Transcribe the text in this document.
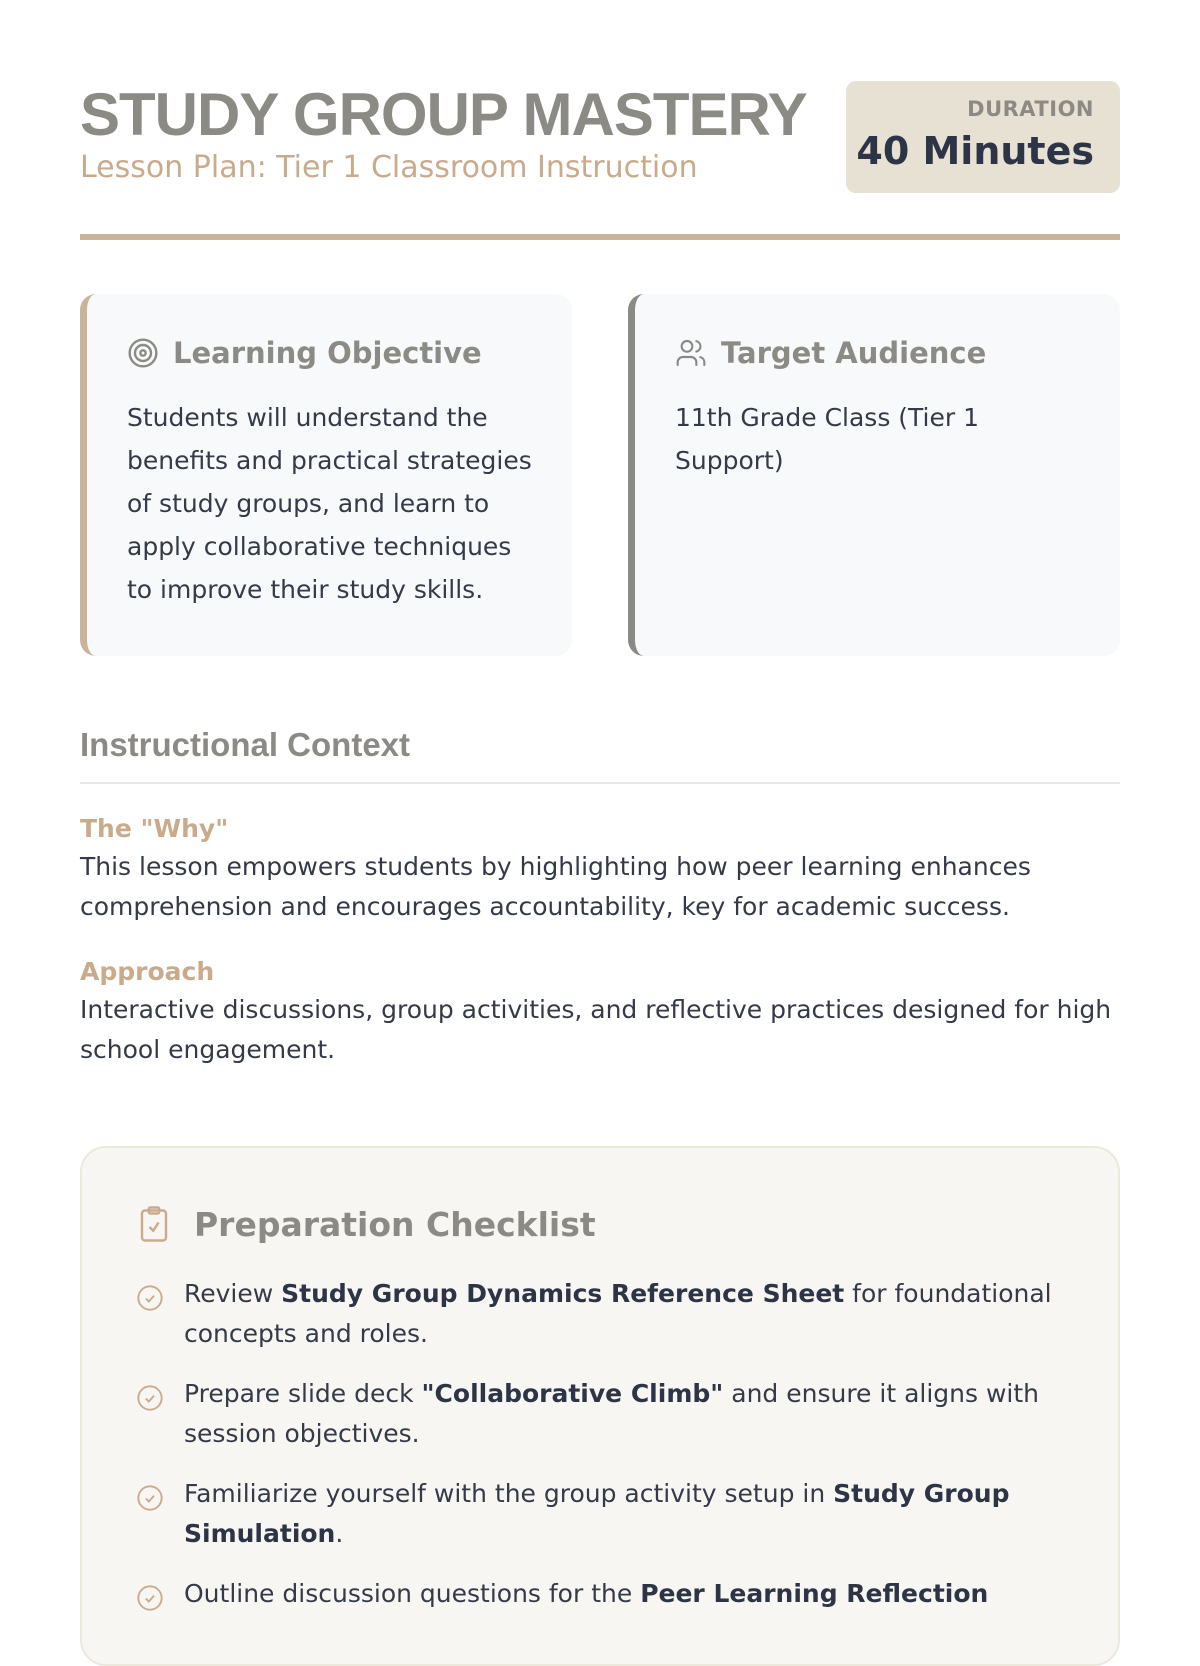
STUDY GROUP MASTERY
Lesson Plan: Tier 1 Classroom Instruction
DURATION
40 Minutes
Learning Objective

Students will understand the benefits and practical strategies of study groups, and learn to apply collaborative techniques to improve their study skills.

Target Audience

11th Grade Class (Tier 1 Support)

Instructional Context
The "Why"

This lesson empowers students by highlighting how peer learning enhances comprehension and encourages accountability, key for academic success.

Approach

Interactive discussions, group activities, and reflective practices designed for high school engagement.

Preparation Checklist

Review Study Group Dynamics Reference Sheet for foundational concepts and roles.

Prepare slide deck "Collaborative Climb" and ensure it aligns with session objectives.

Familiarize yourself with the group activity setup in Study Group Simulation.

Outline discussion questions for the Peer Learning Reflection
